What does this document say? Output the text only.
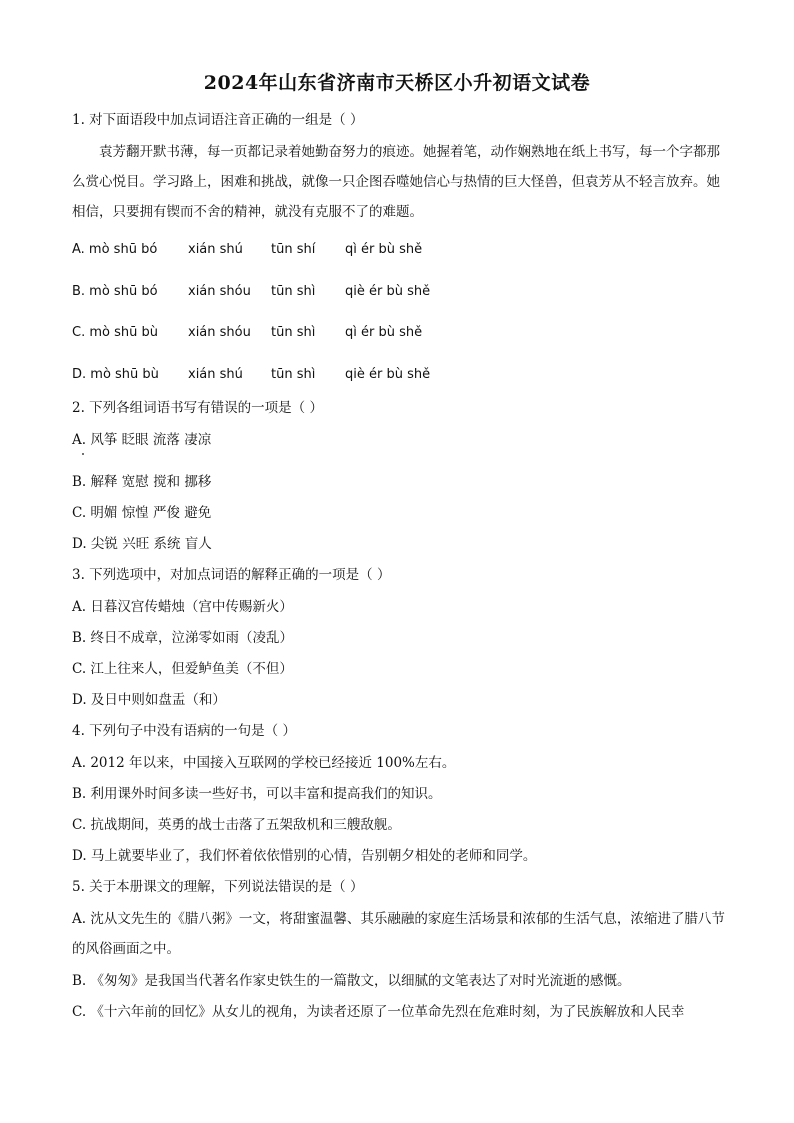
2024年山东省济南市天桥区小升初语文试卷
1. 对下面语段中加点词语注音正确的一组是（ ）
袁芳翻开默书薄，每一页都记录着她勤奋努力的痕迹。她握着笔，动作娴熟地在纸上书写，每一个字都那么赏心悦目。学习路上，困难和挑战，就像一只企图吞噬她信心与热情的巨大怪兽，但袁芳从不轻言放弃。她相信，只要拥有锲而不舍的精神，就没有克服不了的难题。
A. mò shū bó xián shú tūn shí qì ér bù shě
B. mò shū bó xián shóu tūn shì qiè ér bù shě
C. mò shū bù xián shóu tūn shì qì ér bù shě
D. mò shū bù xián shú tūn shì qiè ér bù shě
2. 下列各组词语书写有错误的一项是（ ）
A. 风筝 眨眼 流落 凄凉
B. 解释 宽慰 搅和 挪移
C. 明媚 惊惶 严俊 避免
D. 尖锐 兴旺 系统 盲人
3. 下列选项中，对加点词语的解释正确的一项是（ ）
A. 日暮汉宫传蜡烛（宫中传赐新火）
B. 终日不成章，泣涕零如雨（凌乱）
C. 江上往来人，但爱鲈鱼美（不但）
D. 及日中则如盘盂（和）
4. 下列句子中没有语病的一句是（ ）
A. 2012 年以来，中国接入互联网的学校已经接近 100%左右。
B. 利用课外时间多读一些好书，可以丰富和提高我们的知识。
C. 抗战期间，英勇的战士击落了五架敌机和三艘敌舰。
D. 马上就要毕业了，我们怀着依依惜别的心情，告别朝夕相处的老师和同学。
5. 关于本册课文的理解，下列说法错误的是（ ）
A. 沈从文先生的《腊八粥》一文，将甜蜜温馨、其乐融融的家庭生活场景和浓郁的生活气息，浓缩进了腊八节的风俗画面之中。
B. 《匆匆》是我国当代著名作家史铁生的一篇散文，以细腻的文笔表达了对时光流逝的感慨。
C. 《十六年前的回忆》从女儿的视角，为读者还原了一位革命先烈在危难时刻，为了民族解放和人民幸
